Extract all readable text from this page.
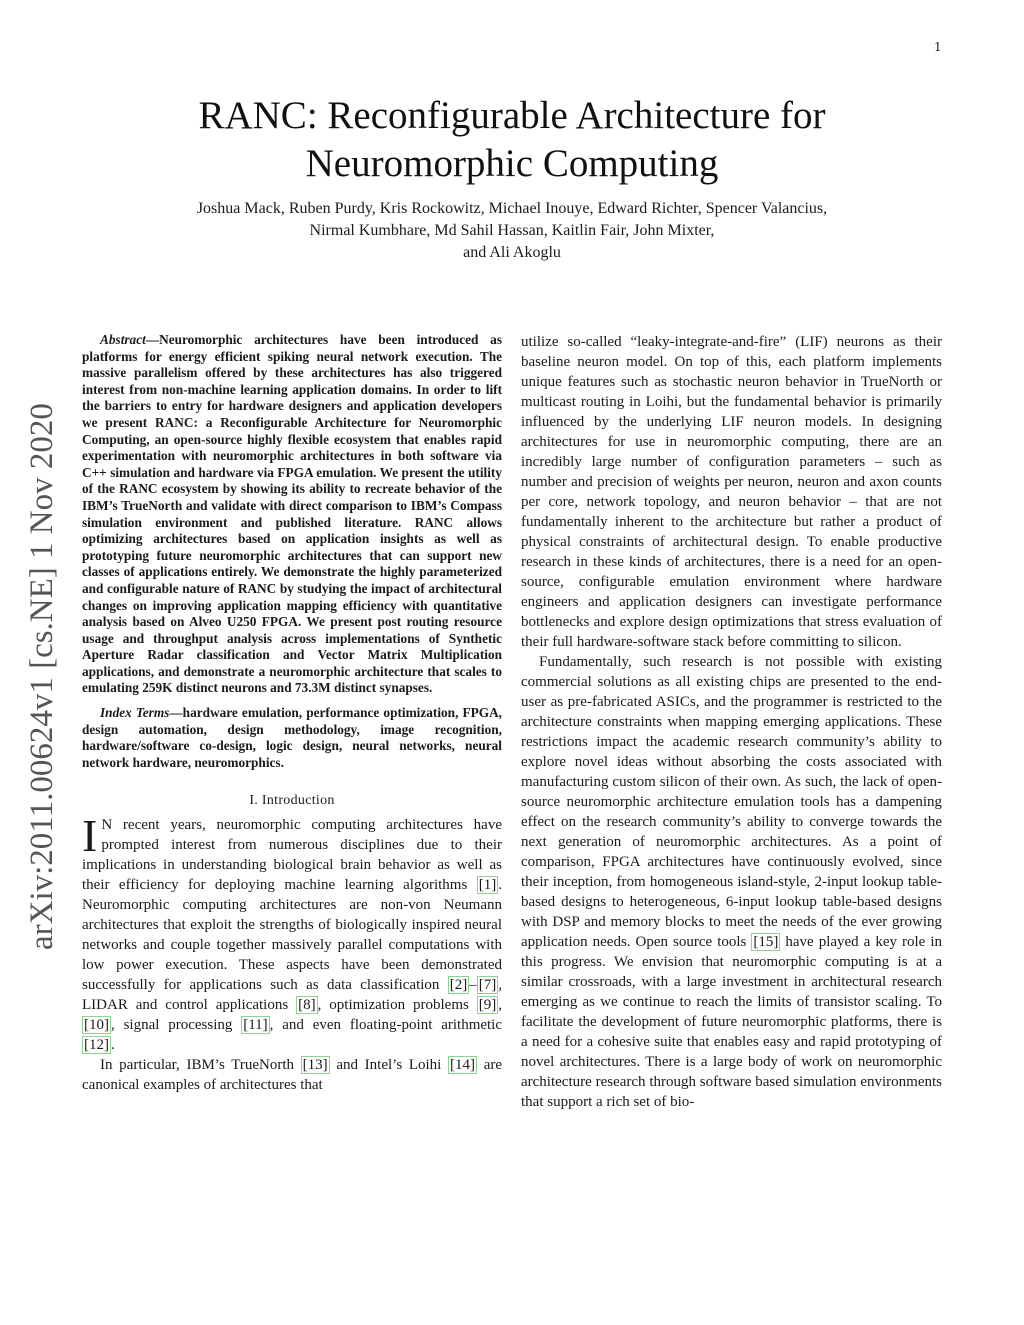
1
arXiv:2011.00624v1 [cs.NE] 1 Nov 2020
RANC: Reconfigurable Architecture for
Neuromorphic Computing
Joshua Mack, Ruben Purdy, Kris Rockowitz, Michael Inouye, Edward Richter, Spencer Valancius,
Nirmal Kumbhare, Md Sahil Hassan, Kaitlin Fair, John Mixter,
and Ali Akoglu

Abstract—Neuromorphic architectures have been introduced as platforms for energy efficient spiking neural network execution. The massive parallelism offered by these architectures has also triggered interest from non-machine learning application domains. In order to lift the barriers to entry for hardware designers and application developers we present RANC: a Reconfigurable Architecture for Neuromorphic Computing, an open-source highly flexible ecosystem that enables rapid experimentation with neuromorphic architectures in both software via C++ simulation and hardware via FPGA emulation. We present the utility of the RANC ecosystem by showing its ability to recreate behavior of the IBM’s TrueNorth and validate with direct comparison to IBM’s Compass simulation environment and published literature. RANC allows optimizing architectures based on application insights as well as prototyping future neuromorphic architectures that can support new classes of applications entirely. We demonstrate the highly parameterized and configurable nature of RANC by studying the impact of architectural changes on improving application mapping efficiency with quantitative analysis based on Alveo U250 FPGA. We present post routing resource usage and throughput analysis across implementations of Synthetic Aperture Radar classification and Vector Matrix Multiplication applications, and demonstrate a neuromorphic architecture that scales to emulating 259K distinct neurons and 73.3M distinct synapses.

Index Terms—hardware emulation, performance optimization, FPGA, design automation, design methodology, image recognition, hardware/software co-design, logic design, neural networks, neural network hardware, neuromorphics.

I. Introduction

I N recent years, neuromorphic computing architectures have prompted interest from numerous disciplines due to their implications in understanding biological brain behavior as well as their efficiency for deploying machine learning algorithms [1] . Neuromorphic computing architectures are non-von Neumann architectures that exploit the strengths of biologically inspired neural networks and couple together massively parallel computations with low power execution. These aspects have been demonstrated successfully for applications such as data classification [2] – [7] , LIDAR and control applications [8] , optimization problems [9] , [10] , signal processing [11] , and even floating-point arithmetic [12] .

In particular, IBM’s TrueNorth [13] and Intel’s Loihi [14] are canonical examples of architectures that

utilize so-called “leaky-integrate-and-fire” (LIF) neurons as their baseline neuron model. On top of this, each platform implements unique features such as stochastic neuron behavior in TrueNorth or multicast routing in Loihi, but the fundamental behavior is primarily influenced by the underlying LIF neuron models. In designing architectures for use in neuromorphic computing, there are an incredibly large number of configuration parameters – such as number and precision of weights per neuron, neuron and axon counts per core, network topology, and neuron behavior – that are not fundamentally inherent to the architecture but rather a product of physical constraints of architectural design. To enable productive research in these kinds of architectures, there is a need for an open-source, configurable emulation environment where hardware engineers and application designers can investigate performance bottlenecks and explore design optimizations that stress evaluation of their full hardware-software stack before committing to silicon.

Fundamentally, such research is not possible with existing commercial solutions as all existing chips are presented to the end-user as pre-fabricated ASICs, and the programmer is restricted to the architecture constraints when mapping emerging applications. These restrictions impact the academic research community’s ability to explore novel ideas without absorbing the costs associated with manufacturing custom silicon of their own. As such, the lack of open-source neuromorphic architecture emulation tools has a dampening effect on the research community’s ability to converge towards the next generation of neuromorphic architectures. As a point of comparison, FPGA architectures have continuously evolved, since their inception, from homogeneous island-style, 2-input lookup table-based designs to heterogeneous, 6-input lookup table-based designs with DSP and memory blocks to meet the needs of the ever growing application needs. Open source tools [15] have played a key role in this progress. We envision that neuromorphic computing is at a similar crossroads, with a large investment in architectural research emerging as we continue to reach the limits of transistor scaling. To facilitate the development of future neuromorphic platforms, there is a need for a cohesive suite that enables easy and rapid prototyping of novel architectures. There is a large body of work on neuromorphic architecture research through software based simulation environments that support a rich set of bio-
